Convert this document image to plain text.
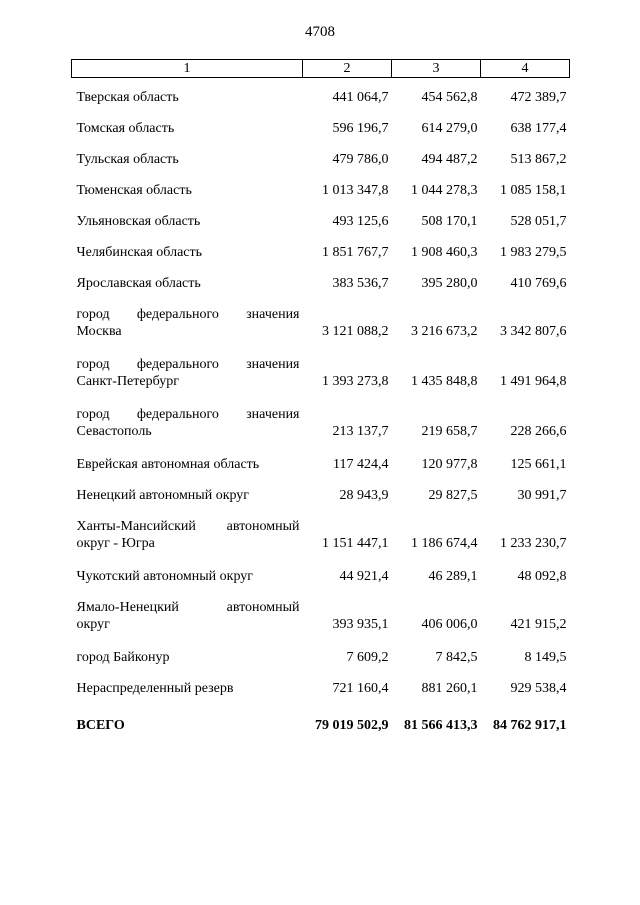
4708
1	2	3	4
Тверская область	441 064,7	454 562,8	472 389,7
Томская область	596 196,7	614 279,0	638 177,4
Тульская область	479 786,0	494 487,2	513 867,2
Тюменская область	1 013 347,8	1 044 278,3	1 085 158,1
Ульяновская область	493 125,6	508 170,1	528 051,7
Челябинская область	1 851 767,7	1 908 460,3	1 983 279,5
Ярославская область	383 536,7	395 280,0	410 769,6

город федерального значения
Москва	3 121 088,2	3 216 673,2	3 342 807,6

город федерального значения
Санкт-Петербург	1 393 273,8	1 435 848,8	1 491 964,8

город федерального значения
Севастополь	213 137,7	219 658,7	228 266,6
Еврейская автономная область	117 424,4	120 977,8	125 661,1
Ненецкий автономный округ	28 943,9	29 827,5	30 991,7

Ханты-Мансийский автономный
округ - Югра	1 151 447,1	1 186 674,4	1 233 230,7
Чукотский автономный округ	44 921,4	46 289,1	48 092,8

Ямало-Ненецкий автономный
округ	393 935,1	406 006,0	421 915,2
город Байконур	7 609,2	7 842,5	8 149,5
Нераспределенный резерв	721 160,4	881 260,1	929 538,4
ВСЕГО	79 019 502,9	81 566 413,3	84 762 917,1
